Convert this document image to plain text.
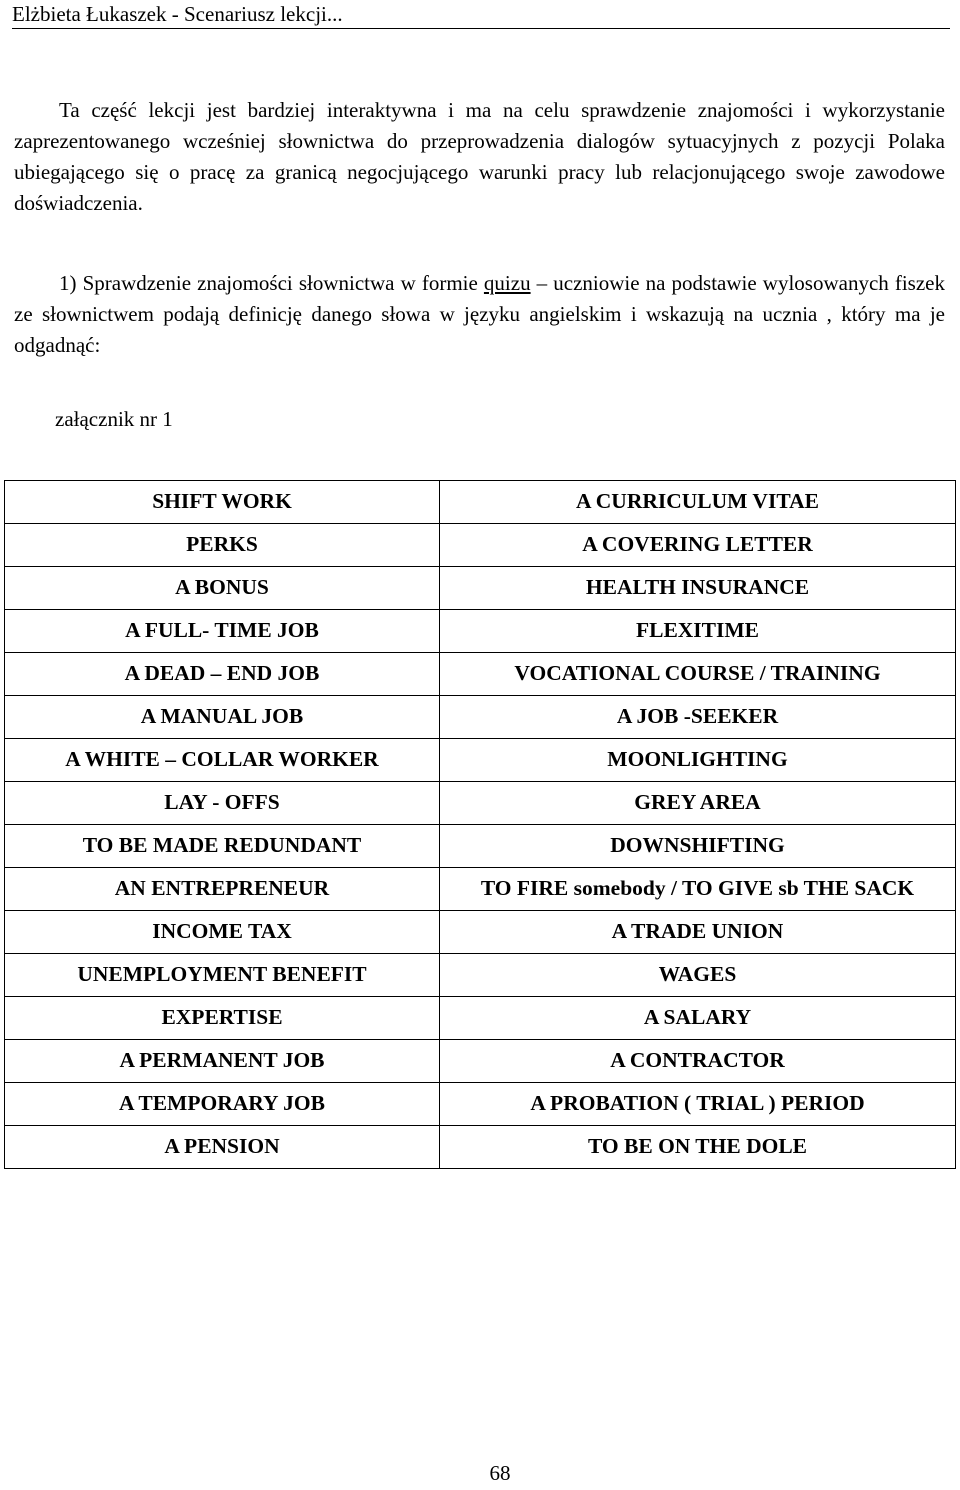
Elżbieta Łukaszek - Scenariusz lekcji...

Ta część lekcji jest bardziej interaktywna i ma na celu sprawdzenie znajomości i wykorzystanie zaprezentowanego wcześniej słownictwa do przeprowadzenia dialogów sytuacyjnych z pozycji Polaka ubiegającego się o pracę za granicą negocjującego warunki pracy lub relacjonującego swoje zawodowe doświadczenia.

1) Sprawdzenie znajomości słownictwa w formie quizu – uczniowie na podstawie wylosowanych fiszek ze słownictwem podają definicję danego słowa w języku angielskim i wskazują na ucznia , który ma je odgadnąć:

załącznik nr 1
SHIFT WORK	A CURRICULUM VITAE
PERKS	A COVERING LETTER
A BONUS	HEALTH INSURANCE
A FULL- TIME JOB	FLEXITIME
A DEAD – END JOB	VOCATIONAL COURSE / TRAINING
A MANUAL JOB	A JOB -SEEKER
A WHITE – COLLAR WORKER	MOONLIGHTING
LAY - OFFS	GREY AREA
TO BE MADE REDUNDANT	DOWNSHIFTING
AN ENTREPRENEUR	TO FIRE somebody / TO GIVE sb THE SACK
INCOME TAX	A TRADE UNION
UNEMPLOYMENT BENEFIT	WAGES
EXPERTISE	A SALARY
A PERMANENT JOB	A CONTRACTOR
A TEMPORARY JOB	A PROBATION ( TRIAL ) PERIOD
A PENSION	TO BE ON THE DOLE
68
